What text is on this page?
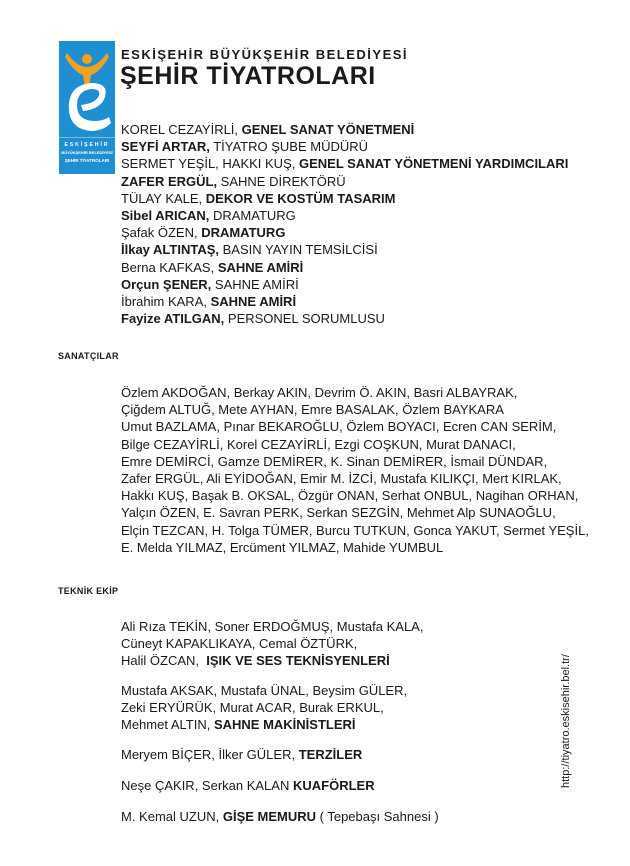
ESKİŞEHİR
BÜYÜKŞEHİR BELEDİYESİ
ŞEHİR TİYATROLARI
ESKİŞEHİR BÜYÜKŞEHİR BELEDİYESİ
ŞEHİR TİYATROLARI
KOREL CEZAYİRLİ, GENEL SANAT YÖNETMENİ
SEYFİ ARTAR, TİYATRO ŞUBE MÜDÜRÜ
SERMET YEŞİL, HAKKI KUŞ, GENEL SANAT YÖNETMENİ YARDIMCILARI
ZAFER ERGÜL, SAHNE DİREKTÖRÜ
TÜLAY KALE, DEKOR VE KOSTÜM TASARIM
Sibel ARICAN, DRAMATURG
Şafak ÖZEN, DRAMATURG
İlkay ALTINTAŞ, BASIN YAYIN TEMSİLCİSİ
Berna KAFKAS, SAHNE AMİRİ
Orçun ŞENER, SAHNE AMİRİ
İbrahim KARA, SAHNE AMİRİ
Fayize ATILGAN, PERSONEL SORUMLUSU
SANATÇILAR
Özlem AKDOĞAN, Berkay AKIN, Devrim Ö. AKIN, Basri ALBAYRAK,
Çiğdem ALTUĞ, Mete AYHAN, Emre BASALAK, Özlem BAYKARA
Umut BAZLAMA, Pınar BEKAROĞLU, Özlem BOYACI, Ecren CAN SERİM,
Bilge CEZAYİRLİ, Korel CEZAYİRLİ, Ezgi COŞKUN, Murat DANACI,
Emre DEMİRCİ, Gamze DEMİRER, K. Sinan DEMİRER, İsmail DÜNDAR,
Zafer ERGÜL, Ali EYİDOĞAN, Emir M. İZCİ, Mustafa KILIKÇI, Mert KIRLAK,
Hakkı KUŞ, Başak B. OKSAL, Özgür ONAN, Serhat ONBUL, Nagihan ORHAN,
Yalçın ÖZEN, E. Savran PERK, Serkan SEZGİN, Mehmet Alp SUNAOĞLU,
Elçin TEZCAN, H. Tolga TÜMER, Burcu TUTKUN, Gonca YAKUT, Sermet YEŞİL,
E. Melda YILMAZ, Ercüment YILMAZ, Mahide YUMBUL
TEKNİK EKİP
Ali Rıza TEKİN, Soner ERDOĞMUŞ, Mustafa KALA,
Cüneyt KAPAKLIKAYA, Cemal ÖZTÜRK,
Halil ÖZCAN,  IŞIK VE SES TEKNİSYENLERİ
Mustafa AKSAK, Mustafa ÜNAL, Beysim GÜLER,
Zeki ERYÜRÜK, Murat ACAR, Burak ERKUL,
Mehmet ALTIN, SAHNE MAKİNİSTLERİ
Meryem BİÇER, İlker GÜLER, TERZİLER
Neşe ÇAKIR, Serkan KALAN KUAFÖRLER
M. Kemal UZUN, GİŞE MEMURU ( Tepebaşı Sahnesi )
http://tiyatro.eskisehir.bel.tr/
